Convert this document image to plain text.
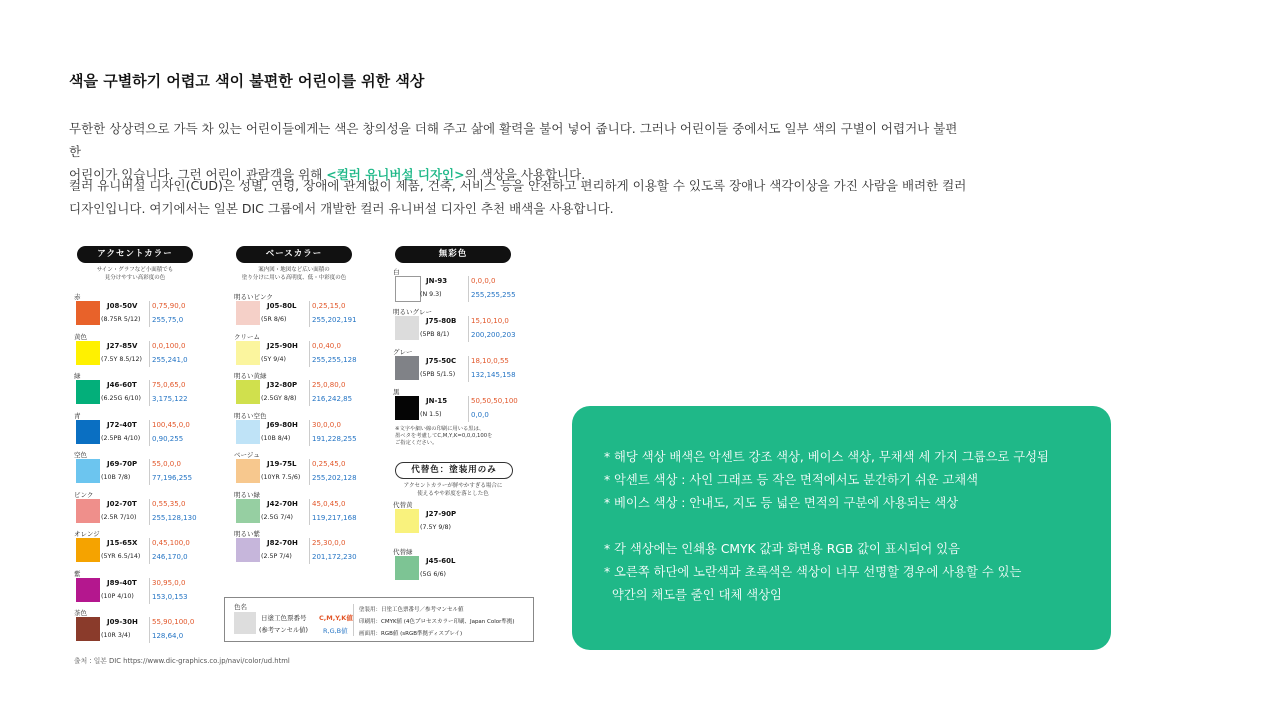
색을 구별하기 어렵고 색이 불편한 어린이를 위한 색상
무한한 상상력으로 가득 차 있는 어린이들에게는 색은 창의성을 더해 주고 삶에 활력을 불어 넣어 줍니다. 그러나 어린이들 중에서도 일부 색의 구별이 어렵거나 불편한
어린이가 있습니다. 그런 어린이 관람객을 위해 <컬러 유니버설 디자인>의 색상을 사용합니다.
컬러 유니버설 디자인(CUD)은 성별, 연령, 장애에 관계없이 제품, 건축, 서비스 등을 안전하고 편리하게 이용할 수 있도록 장애나 색각이상을 가진 사람을 배려한 컬러
디자인입니다. 여기에서는 일본 DIC 그룹에서 개발한 컬러 유니버설 디자인 추천 배색을 사용합니다.
アクセントカラー
サイン・グラフなど小面積でも
見分けやすい高彩度の色
赤
J08-50V
(8.75R 5/12)
0,75,90,0
255,75,0
黄色
J27-85V
(7.5Y 8.5/12)
0,0,100,0
255,241,0
緑
J46-60T
(6.25G 6/10)
75,0,65,0
3,175,122
青
J72-40T
(2.5PB 4/10)
100,45,0,0
0,90,255
空色
J69-70P
(10B 7/8)
55,0,0,0
77,196,255
ピンク
J02-70T
(2.5R 7/10)
0,55,35,0
255,128,130
オレンジ
J15-65X
(5YR 6.5/14)
0,45,100,0
246,170,0
紫
J89-40T
(10P 4/10)
30,95,0,0
153,0,153
茶色
J09-30H
(10R 3/4)
55,90,100,0
128,64,0
ベースカラー
案内図・地図など広い面積の
塗り分けに用いる高明度、低・中彩度の色
明るいピンク
J05-80L
(5R 8/6)
0,25,15,0
255,202,191
クリーム
J25-90H
(5Y 9/4)
0,0,40,0
255,255,128
明るい黄緑
J32-80P
(2.5GY 8/8)
25,0,80,0
216,242,85
明るい空色
J69-80H
(10B 8/4)
30,0,0,0
191,228,255
ベージュ
J19-75L
(10YR 7.5/6)
0,25,45,0
255,202,128
明るい緑
J42-70H
(2.5G 7/4)
45,0,45,0
119,217,168
明るい紫
J82-70H
(2.5P 7/4)
25,30,0,0
201,172,230
無彩色
白
JN-93
(N 9.3)
0,0,0,0
255,255,255
明るいグレー
J75-80B
(5PB 8/1)
15,10,10,0
200,200,203
グレー
J75-50C
(5PB 5/1.5)
18,10,0,55
132,145,158
黒
JN-15
(N 1.5)
50,50,50,100
0,0,0
※文字や細い線の印刷に用いる黒は、
墨ベタを考慮してC,M,Y,K=0,0,0,100を
ご指定ください。
代替色：塗装用のみ
アクセントカラーが鮮やかすぎる場合に
使えるやや彩度を落とした色
代替黄
J27-90P
(7.5Y 9/8)
代替緑
J45-60L
(5G 6/6)
色名
日塗工色票番号
(参考マンセル値)
C,M,Y,K値
R,G,B値
塗装用：日塗工色票番号／参考マンセル値
印刷用：CMYK値 (4色プロセスカラー印刷、Japan Color準拠)
画面用：RGB値 (sRGB準拠ディスプレイ)
출처 : 일본 DIC https://www.dic-graphics.co.jp/navi/color/ud.html
* 해당 색상 배색은 악센트 강조 색상, 베이스 색상, 무채색 세 가지 그룹으로 구성됨
* 악센트 색상 : 사인 그래프 등 작은 면적에서도 분간하기 쉬운 고채색
* 베이스 색상 : 안내도, 지도 등 넓은 면적의 구분에 사용되는 색상

* 각 색상에는 인쇄용 CMYK 값과 화면용 RGB 값이 표시되어 있음
* 오른쪽 하단에 노란색과 초록색은 색상이 너무 선명할 경우에 사용할 수 있는
약간의 채도를 줄인 대체 색상임
